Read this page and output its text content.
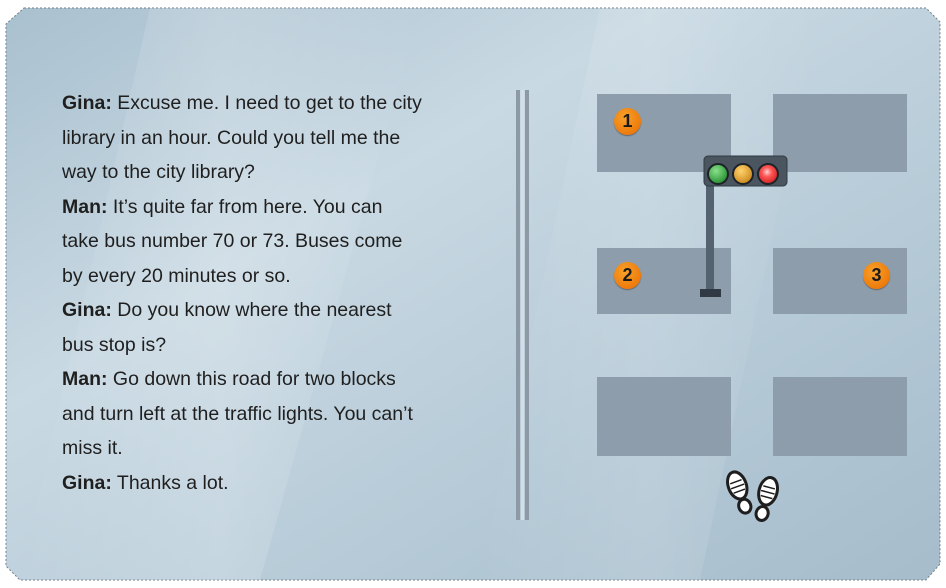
Gina: Excuse me. I need to get to the city
library in an hour. Could you tell me the
way to the city library?
Man: It’s quite far from here. You can
take bus number 70 or 73. Buses come
by every 20 minutes or so.
Gina: Do you know where the nearest
bus stop is?
Man: Go down this road for two blocks
and turn left at the traffic lights. You can’t
miss it.
Gina: Thanks a lot.
1
2	3
